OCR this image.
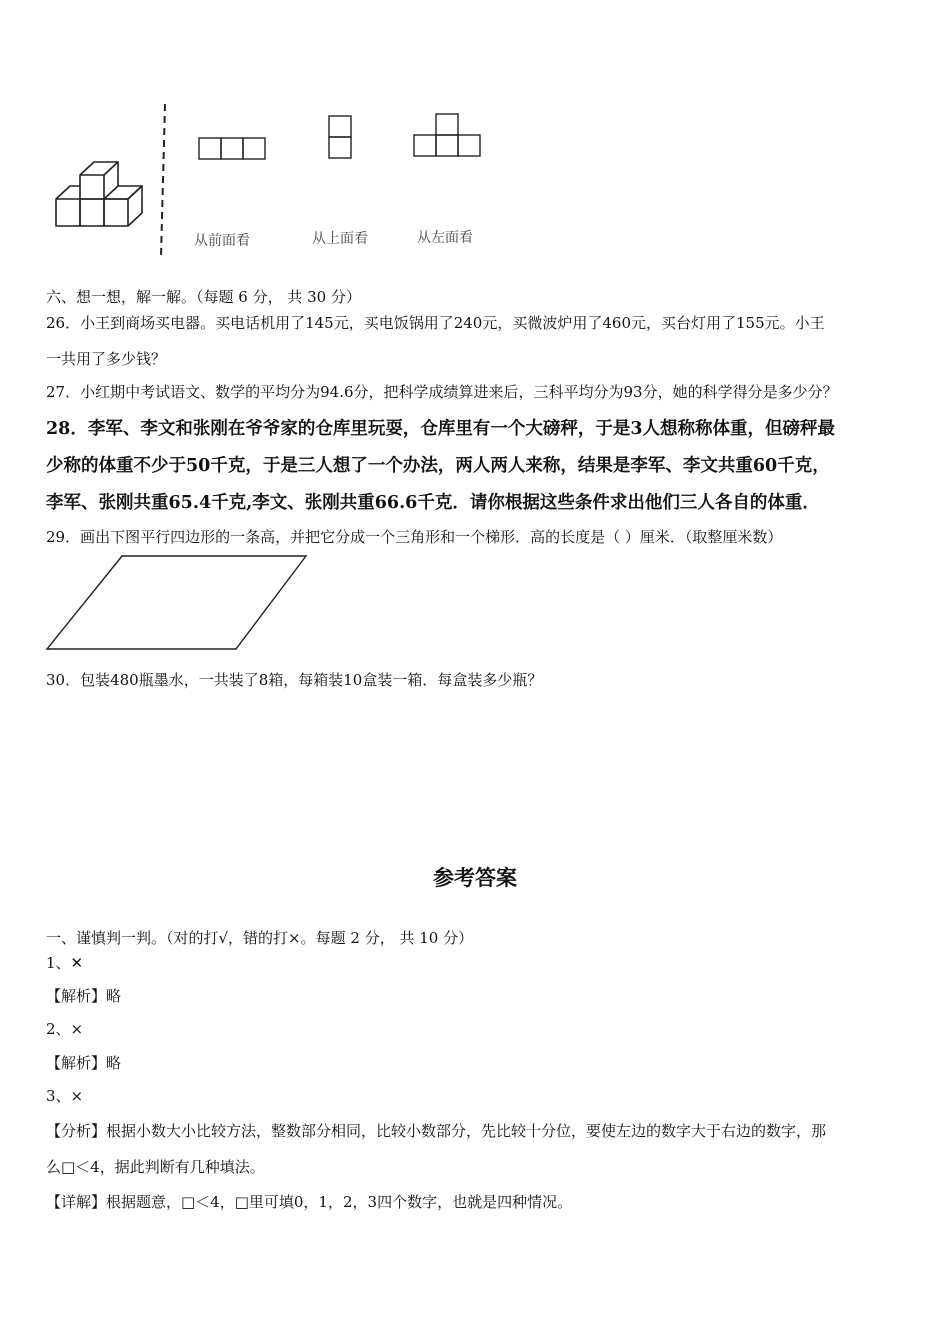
从前面看	从上面看	从左面看
六、想一想，解一解。（每题 6 分， 共 30 分）
26．小王到商场买电器。买电话机用了145元，买电饭锅用了240元，买微波炉用了460元，买台灯用了155元。小王
一共用了多少钱？
27．小红期中考试语文、数学的平均分为94.6分，把科学成绩算进来后，三科平均分为93分，她的科学得分是多少分？
28．李军、李文和张刚在爷爷家的仓库里玩耍，仓库里有一个大磅秤，于是3人想称称体重，但磅秤最
少称的体重不少于50千克，于是三人想了一个办法，两人两人来称，结果是李军、李文共重60千克，
李军、张刚共重65.4千克,李文、张刚共重66.6千克．请你根据这些条件求出他们三人各自的体重．
29．画出下图平行四边形的一条高，并把它分成一个三角形和一个梯形．高的长度是（ ）厘米．（取整厘米数）
30．包装480瓶墨水，一共装了8箱，每箱装10盒装一箱．每盒装多少瓶？
参考答案
一、谨慎判一判。（对的打√，错的打×。每题 2 分， 共 10 分）
1、✕
【解析】略
2、×
【解析】略
3、×
【分析】根据小数大小比较方法，整数部分相同，比较小数部分，先比较十分位，要使左边的数字大于右边的数字，那
么□＜4，据此判断有几种填法。
【详解】根据题意，□＜4，□里可填0，1，2，3四个数字，也就是四种情况。
